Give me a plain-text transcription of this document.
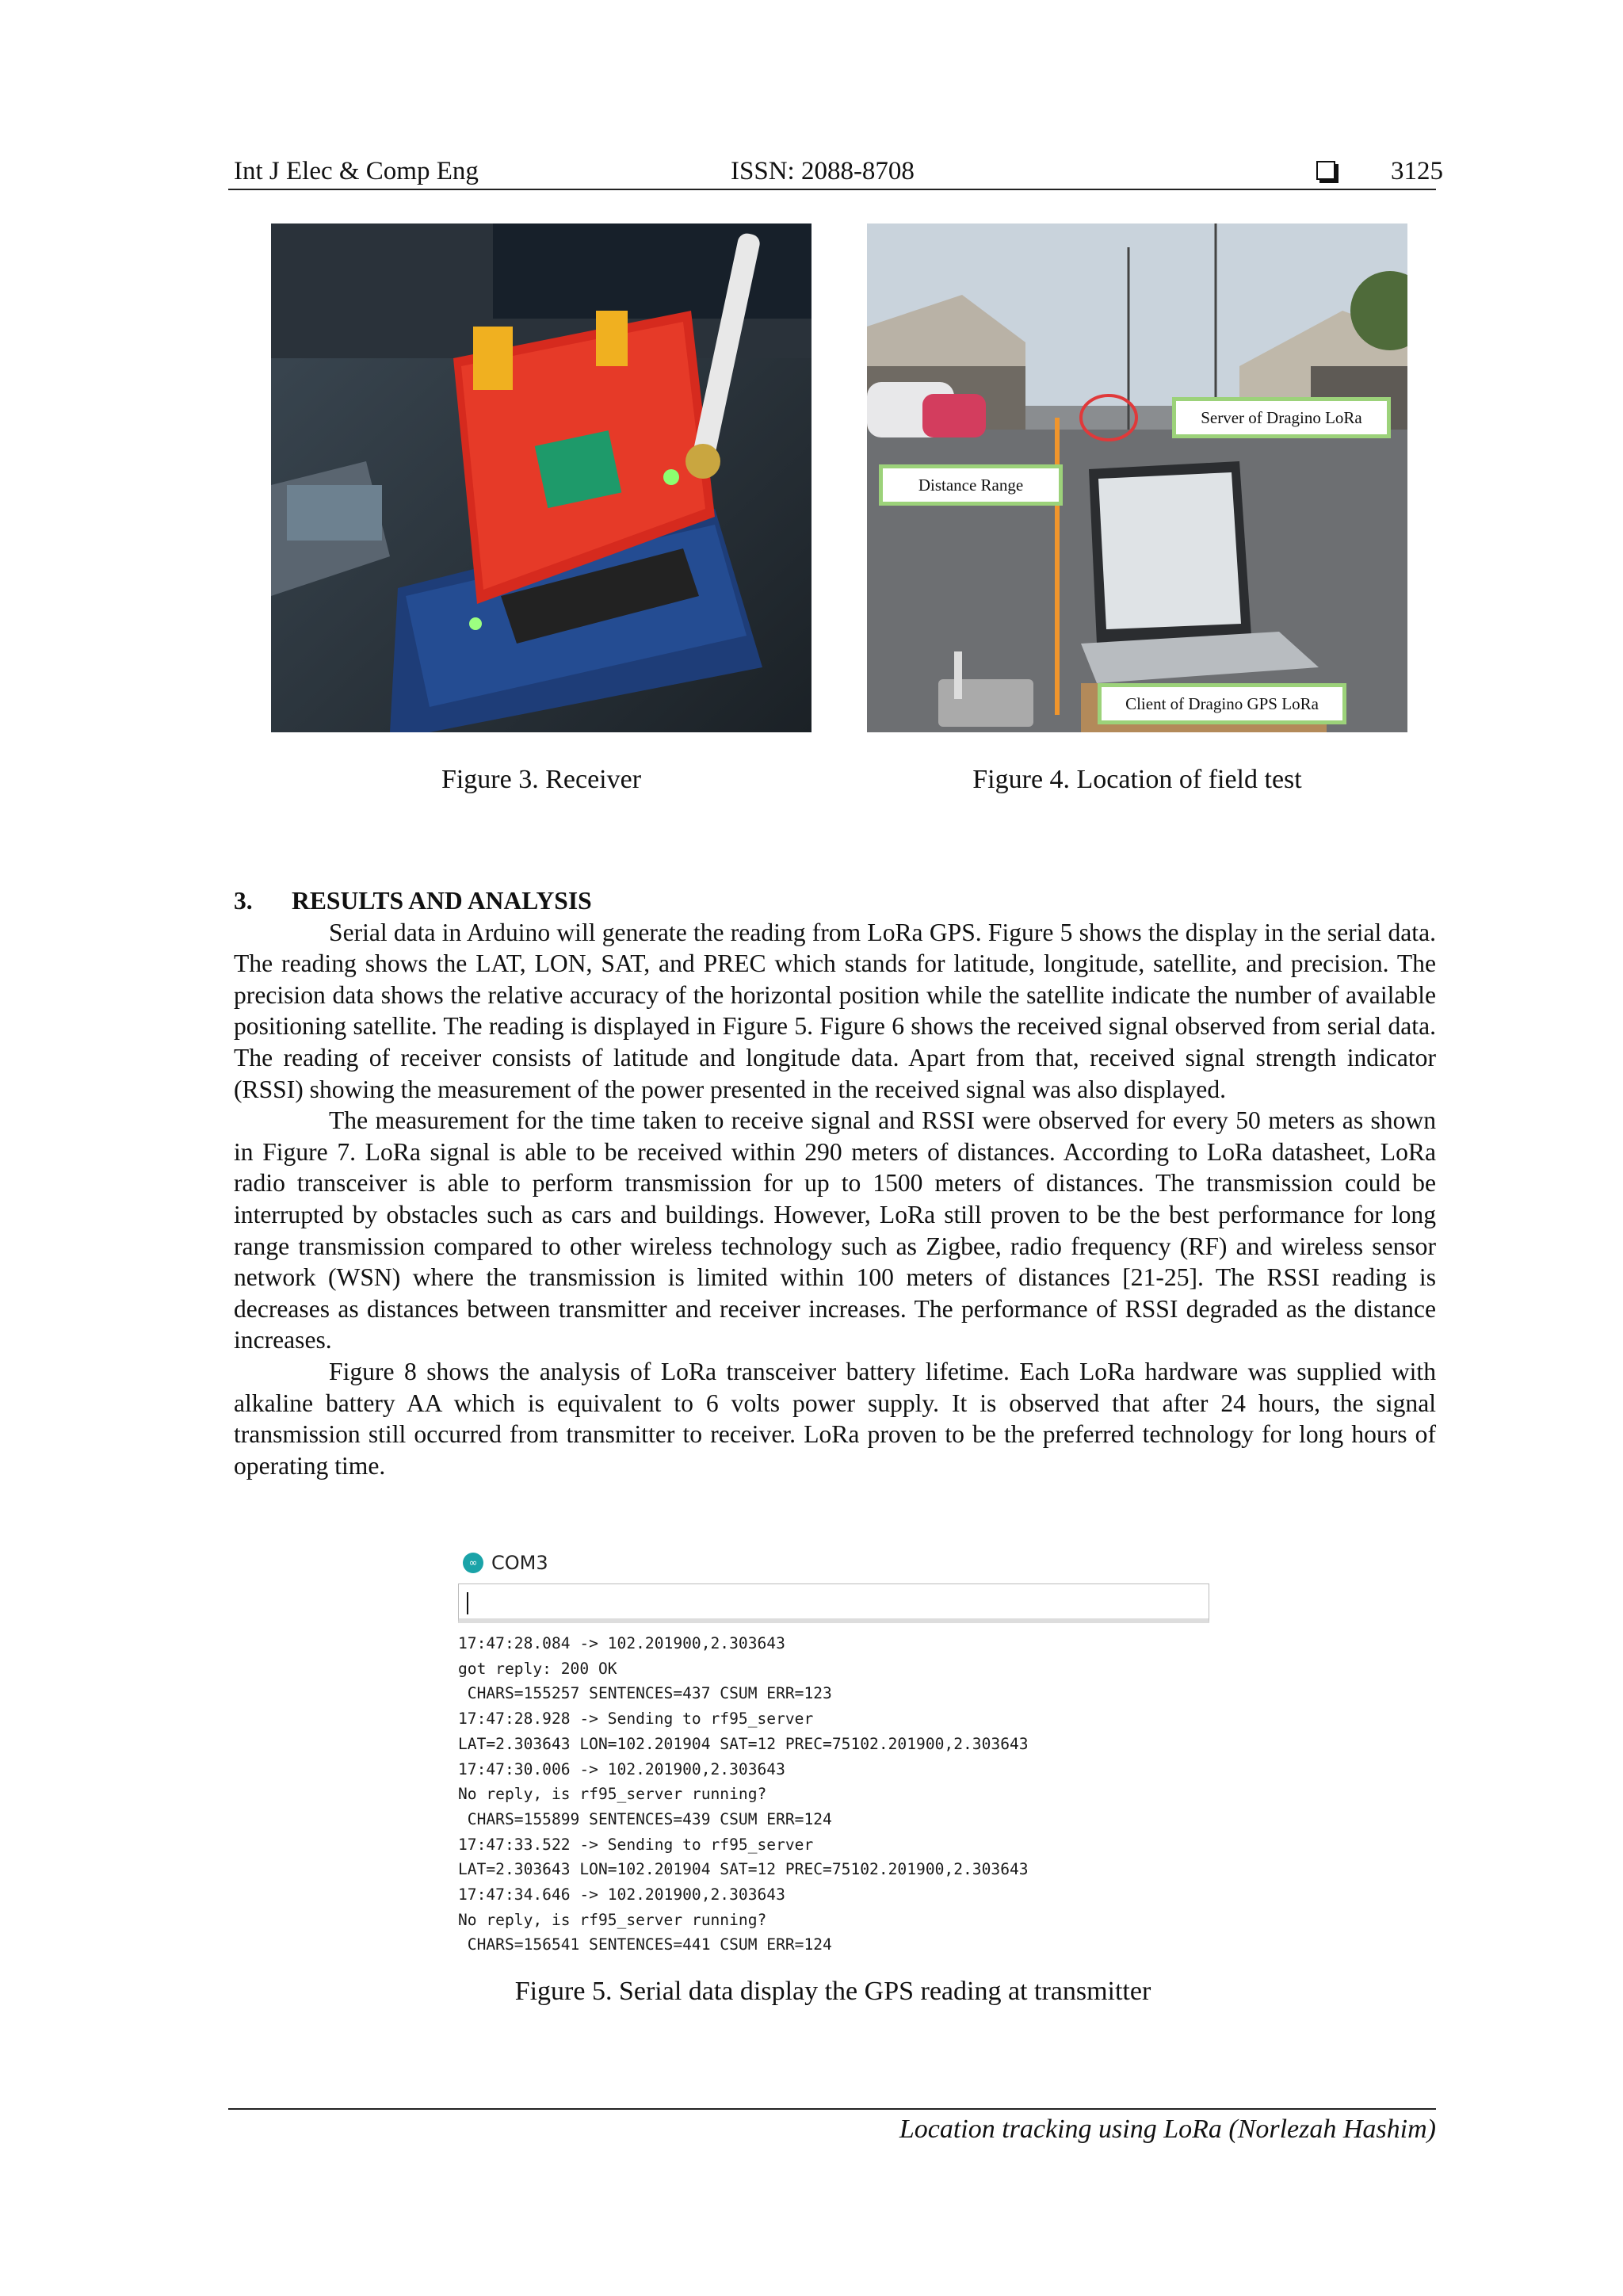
Int J Elec & Comp Eng	ISSN: 2088-8708	3125
Figure 3. Receiver
Server of Dragino LoRa
Distance Range
Client of Dragino GPS LoRa
Figure 4. Location of field test
3. RESULTS AND ANALYSIS

Serial data in Arduino will generate the reading from LoRa GPS. Figure 5 shows the display in the serial data. The reading shows the LAT, LON, SAT, and PREC which stands for latitude, longitude, satellite, and precision. The precision data shows the relative accuracy of the horizontal position while the satellite indicate the number of available positioning satellite. The reading is displayed in Figure 5. Figure 6 shows the received signal observed from serial data. The reading of receiver consists of latitude and longitude data. Apart from that, received signal strength indicator (RSSI) showing the measurement of the power presented in the received signal was also displayed.

The measurement for the time taken to receive signal and RSSI were observed for every 50 meters as shown in Figure 7. LoRa signal is able to be received within 290 meters of distances. According to LoRa datasheet, LoRa radio transceiver is able to perform transmission for up to 1500 meters of distances. The transmission could be interrupted by obstacles such as cars and buildings. However, LoRa still proven to be the best performance for long range transmission compared to other wireless technology such as Zigbee, radio frequency (RF) and wireless sensor network (WSN) where the transmission is limited within 100 meters of distances [21-25]. The RSSI reading is decreases as distances between transmitter and receiver increases. The performance of RSSI degraded as the distance increases.

Figure 8 shows the analysis of LoRa transceiver battery lifetime. Each LoRa hardware was supplied with alkaline battery AA which is equivalent to 6 volts power supply. It is observed that after 24 hours, the signal transmission still occurred from transmitter to receiver. LoRa proven to be the preferred technology for long hours of operating time.

∞ COM3
17:47:28.084 -> 102.201900,2.303643
got reply: 200 OK
CHARS=155257 SENTENCES=437 CSUM ERR=123
17:47:28.928 -> Sending to rf95_server
LAT=2.303643 LON=102.201904 SAT=12 PREC=75102.201900,2.303643
17:47:30.006 -> 102.201900,2.303643
No reply, is rf95_server running?
CHARS=155899 SENTENCES=439 CSUM ERR=124
17:47:33.522 -> Sending to rf95_server
LAT=2.303643 LON=102.201904 SAT=12 PREC=75102.201900,2.303643
17:47:34.646 -> 102.201900,2.303643
No reply, is rf95_server running?
CHARS=156541 SENTENCES=441 CSUM ERR=124
Figure 5. Serial data display the GPS reading at transmitter
Location tracking using LoRa (Norlezah Hashim)
